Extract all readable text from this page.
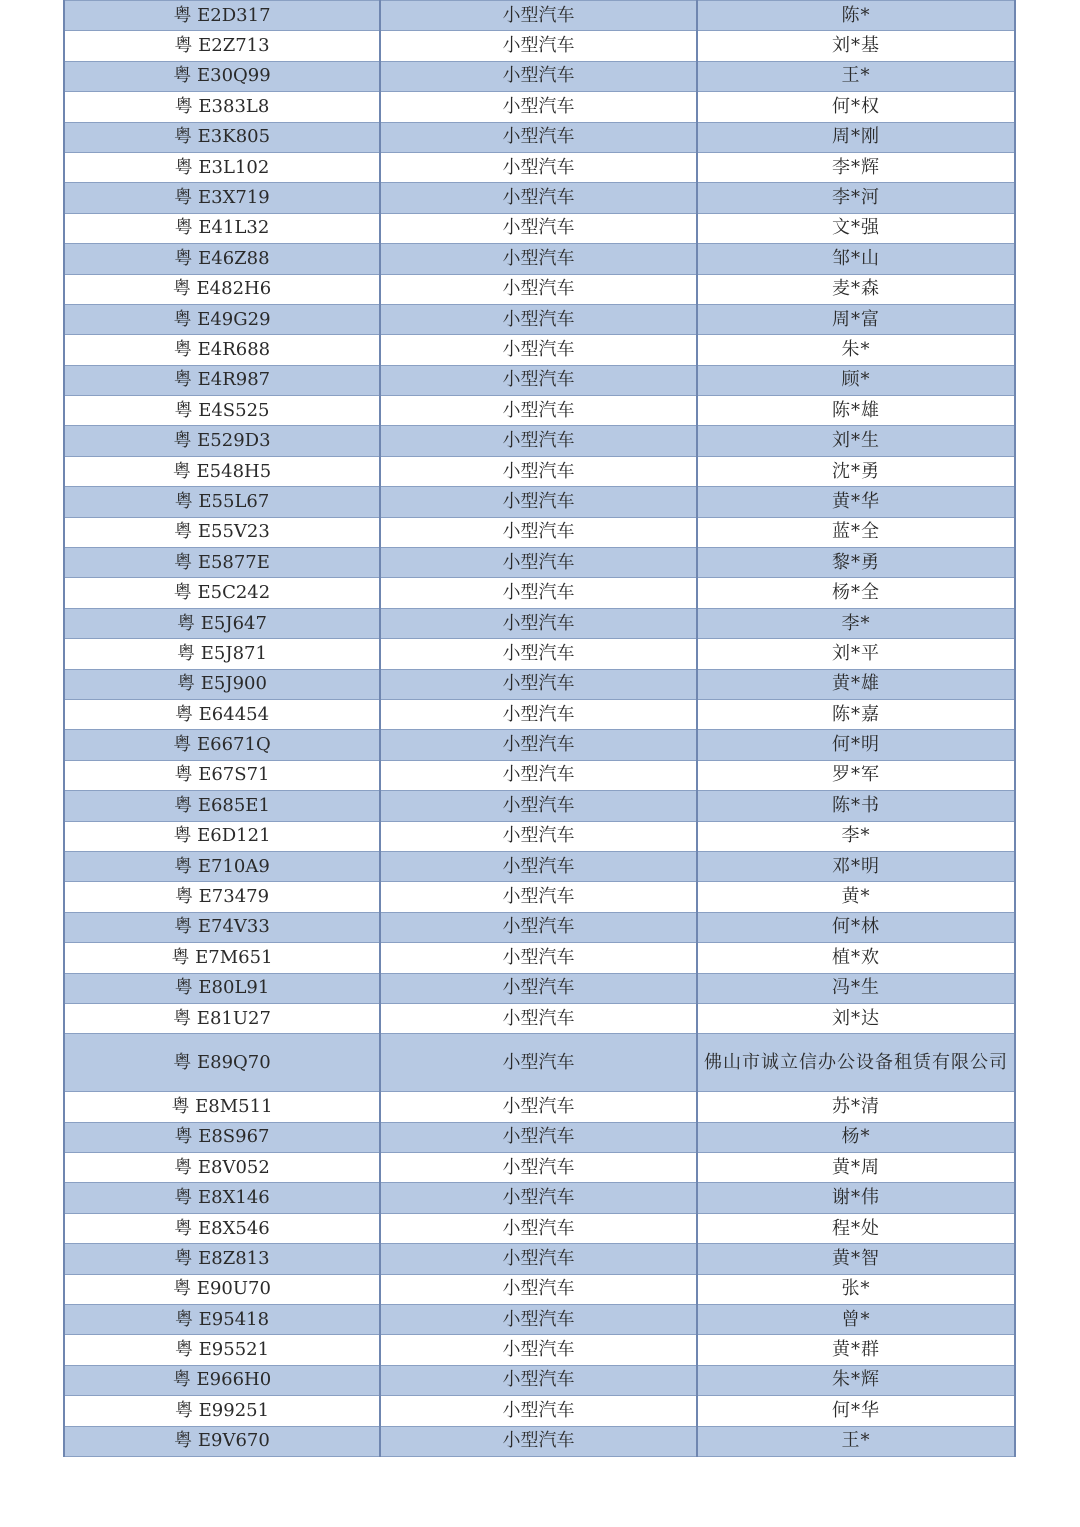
粤 E2D317	小型汽车	陈*
粤 E2Z713	小型汽车	刘*基
粤 E30Q99	小型汽车	王*
粤 E383L8	小型汽车	何*权
粤 E3K805	小型汽车	周*刚
粤 E3L102	小型汽车	李*辉
粤 E3X719	小型汽车	李*河
粤 E41L32	小型汽车	文*强
粤 E46Z88	小型汽车	邹*山
粤 E482H6	小型汽车	麦*森
粤 E49G29	小型汽车	周*富
粤 E4R688	小型汽车	朱*
粤 E4R987	小型汽车	顾*
粤 E4S525	小型汽车	陈*雄
粤 E529D3	小型汽车	刘*生
粤 E548H5	小型汽车	沈*勇
粤 E55L67	小型汽车	黄*华
粤 E55V23	小型汽车	蓝*全
粤 E5877E	小型汽车	黎*勇
粤 E5C242	小型汽车	杨*全
粤 E5J647	小型汽车	李*
粤 E5J871	小型汽车	刘*平
粤 E5J900	小型汽车	黄*雄
粤 E64454	小型汽车	陈*嘉
粤 E6671Q	小型汽车	何*明
粤 E67S71	小型汽车	罗*军
粤 E685E1	小型汽车	陈*书
粤 E6D121	小型汽车	李*
粤 E710A9	小型汽车	邓*明
粤 E73479	小型汽车	黄*
粤 E74V33	小型汽车	何*林
粤 E7M651	小型汽车	植*欢
粤 E80L91	小型汽车	冯*生
粤 E81U27	小型汽车	刘*达
粤 E89Q70	小型汽车	佛山市诚立信办公设备租赁有限公司
粤 E8M511	小型汽车	苏*清
粤 E8S967	小型汽车	杨*
粤 E8V052	小型汽车	黄*周
粤 E8X146	小型汽车	谢*伟
粤 E8X546	小型汽车	程*处
粤 E8Z813	小型汽车	黄*智
粤 E90U70	小型汽车	张*
粤 E95418	小型汽车	曾*
粤 E95521	小型汽车	黄*群
粤 E966H0	小型汽车	朱*辉
粤 E99251	小型汽车	何*华
粤 E9V670	小型汽车	王*
